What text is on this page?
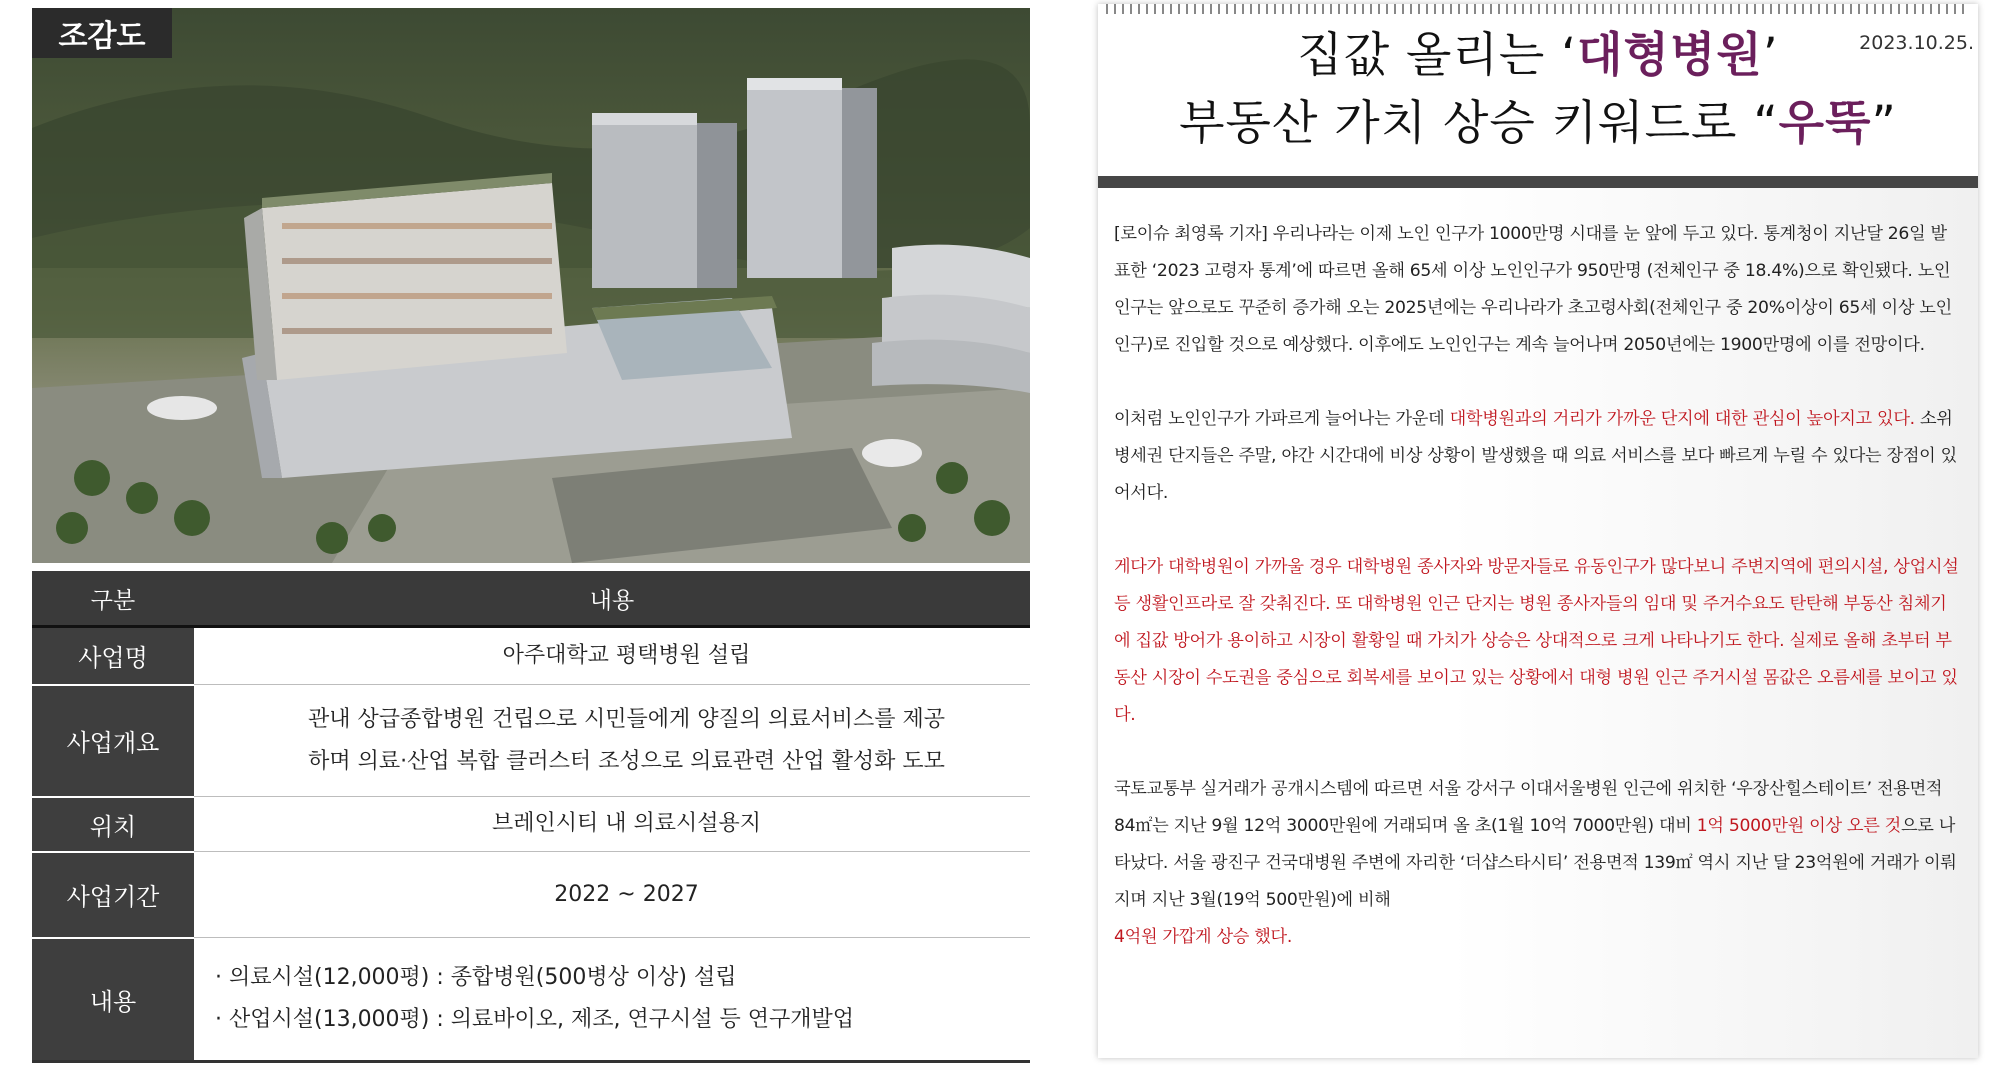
조감도
구분	내용
사업명	아주대학교 평택병원 설립

사업개요	관내 상급종합병원 건립으로 시민들에게 양질의 의료서비스를 제공
하며 의료·산업 복합 클러스터 조성으로 의료관련 산업 활성화 도모

위치	브레인시티 내 의료시설용지

사업기간	2022 ~ 2027

내용	· 의료시설(12,000평) : 종합병원(500병상 이상) 설립
· 산업시설(13,000평) : 의료바이오, 제조, 연구시설 등 연구개발업
2023.10.25.
집값 올리는 ‘대형병원’
부동산 가치 상승 키워드로 “우뚝”

[로이슈 최영록 기자] 우리나라는 이제 노인 인구가 1000만명 시대를 눈 앞에 두고 있다. 통계청이 지난달 26일 발표한 ‘2023 고령자 통계’에 따르면 올해 65세 이상 노인인구가 950만명 (전체인구 중 18.4%)으로 확인됐다. 노인인구는 앞으로도 꾸준히 증가해 오는 2025년에는 우리나라가 초고령사회(전체인구 중 20%이상이 65세 이상 노인인구)로 진입할 것으로 예상했다. 이후에도 노인인구는 계속 늘어나며 2050년에는 1900만명에 이를 전망이다.

이처럼 노인인구가 가파르게 늘어나는 가운데 대학병원과의 거리가 가까운 단지에 대한 관심이 높아지고 있다. 소위 병세권 단지들은 주말, 야간 시간대에 비상 상황이 발생했을 때 의료 서비스를 보다 빠르게 누릴 수 있다는 장점이 있어서다.

게다가 대학병원이 가까울 경우 대학병원 종사자와 방문자들로 유동인구가 많다보니 주변지역에 편의시설, 상업시설 등 생활인프라로 잘 갖춰진다. 또 대학병원 인근 단지는 병원 종사자들의 임대 및 주거수요도 탄탄해 부동산 침체기에 집값 방어가 용이하고 시장이 활황일 때 가치가 상승은 상대적으로 크게 나타나기도 한다. 실제로 올해 초부터 부동산 시장이 수도권을 중심으로 회복세를 보이고 있는 상황에서 대형 병원 인근 주거시설 몸값은 오름세를 보이고 있다.

국토교통부 실거래가 공개시스템에 따르면 서울 강서구 이대서울병원 인근에 위치한 ‘우장산힐스테이트’ 전용면적 84㎡는 지난 9월 12억 3000만원에 거래되며 올 초(1월 10억 7000만원) 대비 1억 5000만원 이상 오른 것으로 나타났다. 서울 광진구 건국대병원 주변에 자리한 ‘더샵스타시티’ 전용면적 139㎡ 역시 지난 달 23억원에 거래가 이뤄지며 지난 3월(19억 500만원)에 비해
4억원 가깝게 상승 했다.
